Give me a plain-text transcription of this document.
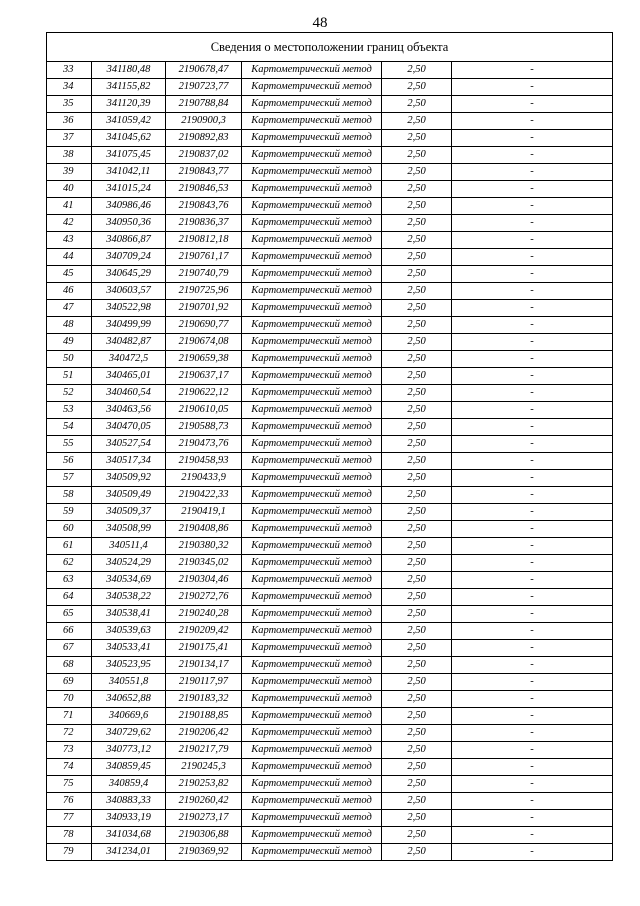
48
Сведения о местоположении границ объекта					
33	341180,48	2190678,47	Картометрический метод	2,50	-
34	341155,82	2190723,77	Картометрический метод	2,50	-
35	341120,39	2190788,84	Картометрический метод	2,50	-
36	341059,42	2190900,3	Картометрический метод	2,50	-
37	341045,62	2190892,83	Картометрический метод	2,50	-
38	341075,45	2190837,02	Картометрический метод	2,50	-
39	341042,11	2190843,77	Картометрический метод	2,50	-
40	341015,24	2190846,53	Картометрический метод	2,50	-
41	340986,46	2190843,76	Картометрический метод	2,50	-
42	340950,36	2190836,37	Картометрический метод	2,50	-
43	340866,87	2190812,18	Картометрический метод	2,50	-
44	340709,24	2190761,17	Картометрический метод	2,50	-
45	340645,29	2190740,79	Картометрический метод	2,50	-
46	340603,57	2190725,96	Картометрический метод	2,50	-
47	340522,98	2190701,92	Картометрический метод	2,50	-
48	340499,99	2190690,77	Картометрический метод	2,50	-
49	340482,87	2190674,08	Картометрический метод	2,50	-
50	340472,5	2190659,38	Картометрический метод	2,50	-
51	340465,01	2190637,17	Картометрический метод	2,50	-
52	340460,54	2190622,12	Картометрический метод	2,50	-
53	340463,56	2190610,05	Картометрический метод	2,50	-
54	340470,05	2190588,73	Картометрический метод	2,50	-
55	340527,54	2190473,76	Картометрический метод	2,50	-
56	340517,34	2190458,93	Картометрический метод	2,50	-
57	340509,92	2190433,9	Картометрический метод	2,50	-
58	340509,49	2190422,33	Картометрический метод	2,50	-
59	340509,37	2190419,1	Картометрический метод	2,50	-
60	340508,99	2190408,86	Картометрический метод	2,50	-
61	340511,4	2190380,32	Картометрический метод	2,50	-
62	340524,29	2190345,02	Картометрический метод	2,50	-
63	340534,69	2190304,46	Картометрический метод	2,50	-
64	340538,22	2190272,76	Картометрический метод	2,50	-
65	340538,41	2190240,28	Картометрический метод	2,50	-
66	340539,63	2190209,42	Картометрический метод	2,50	-
67	340533,41	2190175,41	Картометрический метод	2,50	-
68	340523,95	2190134,17	Картометрический метод	2,50	-
69	340551,8	2190117,97	Картометрический метод	2,50	-
70	340652,88	2190183,32	Картометрический метод	2,50	-
71	340669,6	2190188,85	Картометрический метод	2,50	-
72	340729,62	2190206,42	Картометрический метод	2,50	-
73	340773,12	2190217,79	Картометрический метод	2,50	-
74	340859,45	2190245,3	Картометрический метод	2,50	-
75	340859,4	2190253,82	Картометрический метод	2,50	-
76	340883,33	2190260,42	Картометрический метод	2,50	-
77	340933,19	2190273,17	Картометрический метод	2,50	-
78	341034,68	2190306,88	Картометрический метод	2,50	-
79	341234,01	2190369,92	Картометрический метод	2,50	-
